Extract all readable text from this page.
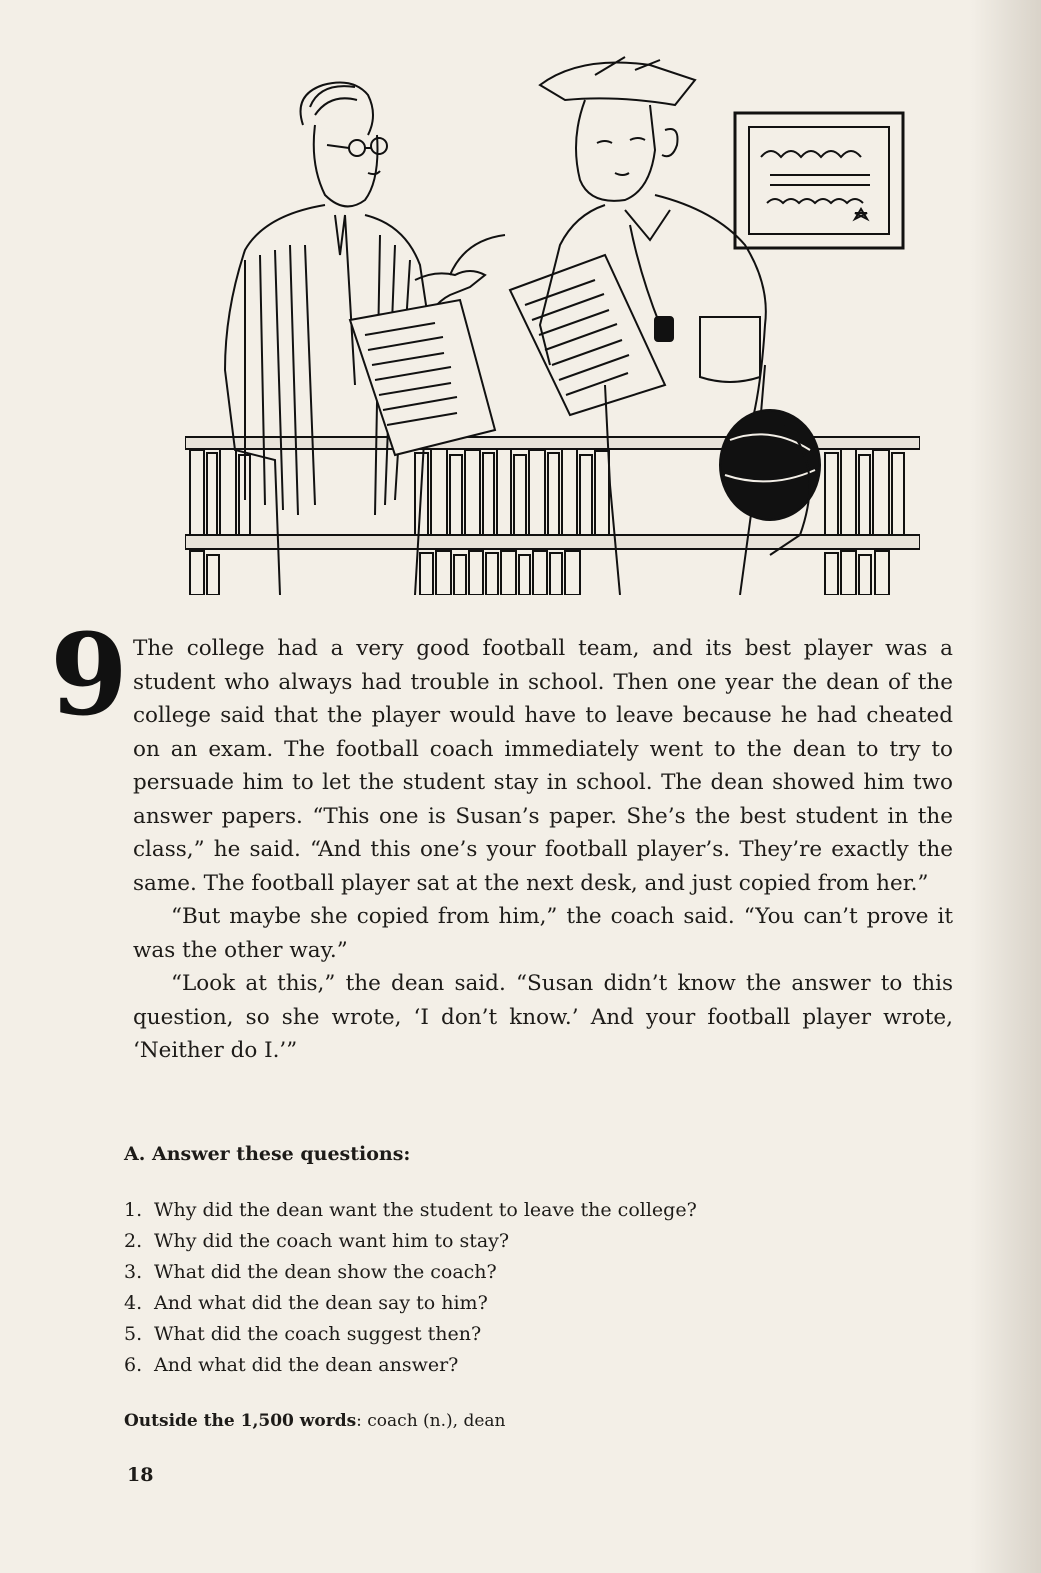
9 The college had a very good football team, and its best player was a student who always had trouble in school. Then one year the dean of the college said that the player would have to leave because he had cheated on an exam. The football coach immediately went to the dean to try to persuade him to let the student stay in school. The dean showed him two answer papers. “This one is Susan’s paper. She’s the best student in the class,” he said. “And this one’s your football player’s. They’re exactly the same. The football player sat at the next desk, and just copied from her.”

“But maybe she copied from him,” the coach said. “You can’t prove it was the other way.”

“Look at this,” the dean said. “Susan didn’t know the answer to this question, so she wrote, ‘I don’t know.’ And your football player wrote, ‘Neither do I.’”

A. Answer these questions:
1. Why did the dean want the student to leave the college?
2. Why did the coach want him to stay?
3. What did the dean show the coach?
4. And what did the dean say to him?
5. What did the coach suggest then?
6. And what did the dean answer?

Outside the 1,500 words: coach (n.), dean

18
